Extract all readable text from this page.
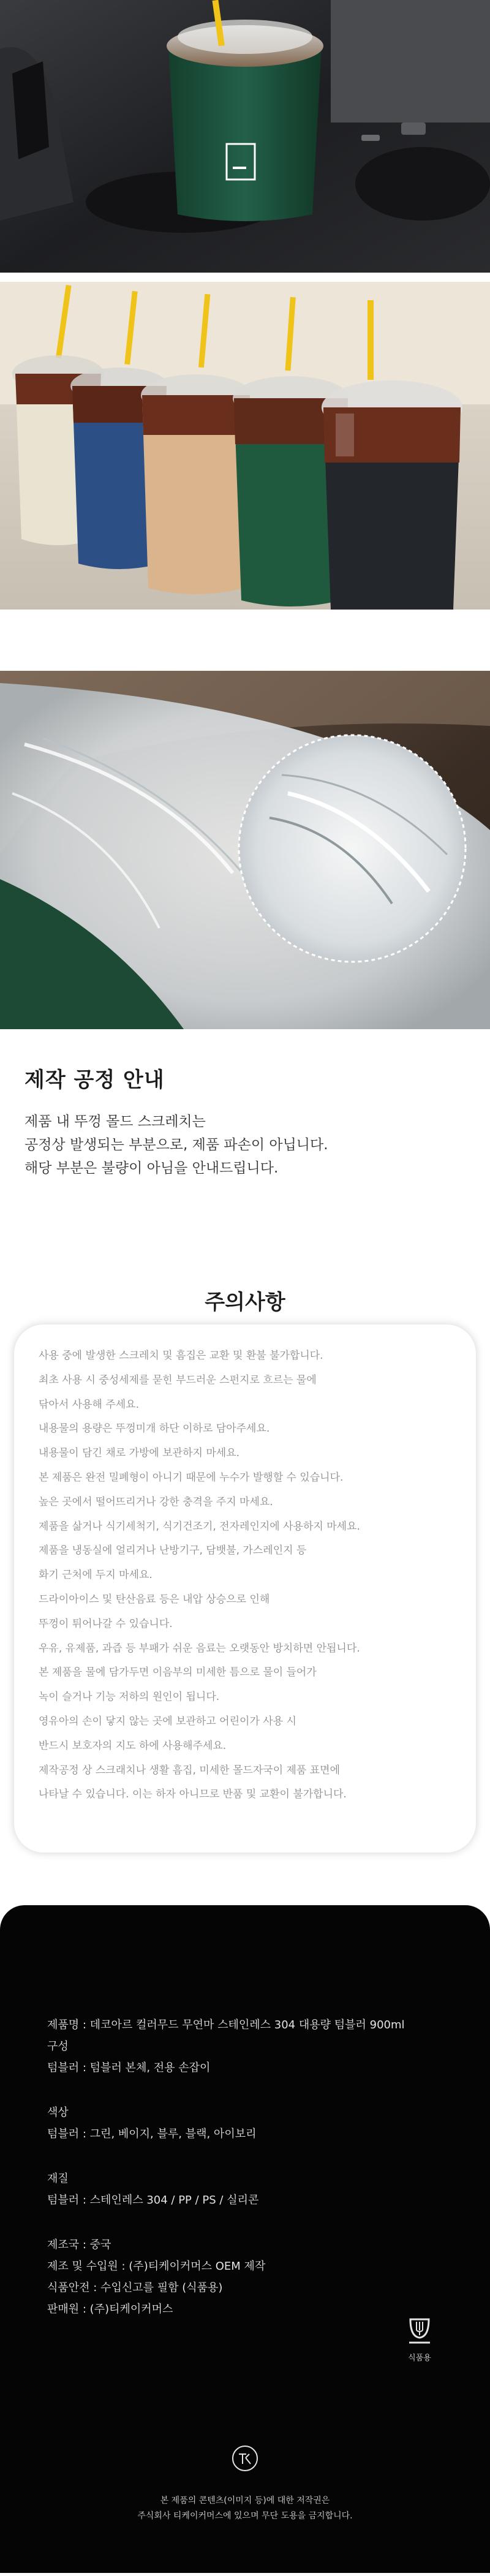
제작 공정 안내

제품 내 뚜껑 몰드 스크레치는

공정상 발생되는 부분으로, 제품 파손이 아닙니다.

해당 부분은 불량이 아님을 안내드립니다.

주의사항
사용 중에 발생한 스크레치 및 흠집은 교환 및 환불 불가합니다.
최초 사용 시 중성세제를 묻힌 부드러운 스펀지로 흐르는 물에
닦아서 사용해 주세요.
내용물의 용량은 뚜껑미개 하단 이하로 담아주세요.
내용물이 담긴 채로 가방에 보관하지 마세요.
본 제품은 완전 밀폐형이 아니기 때문에 누수가 발행할 수 있습니다.
높은 곳에서 떨어뜨리거나 강한 충격을 주지 마세요.
제품을 삶거나 식기세척기, 식기건조기, 전자레인지에 사용하지 마세요.
제품을 냉동실에 얼리거나 난방기구, 담뱃불, 가스레인지 등
화기 근처에 두지 마세요.
드라이아이스 및 탄산음료 등은 내압 상승으로 인해
뚜껑이 튀어나갈 수 있습니다.
우유, 유제품, 과즙 등 부패가 쉬운 음료는 오랫동안 방치하면 안됩니다.
본 제품을 물에 담가두면 이음부의 미세한 틈으로 물이 들어가
녹이 슬거나 기능 저하의 원인이 됩니다.
영유아의 손이 닿지 않는 곳에 보관하고 어린이가 사용 시
반드시 보호자의 지도 하에 사용해주세요.
제작공정 상 스크래치나 생활 흠집, 미세한 몰드자국이 제품 표면에
나타날 수 있습니다. 이는 하자 아니므로 반품 및 교환이 불가합니다.
제품명 : 데코아르 컬러무드 무연마 스테인레스 304 대용량 텀블러 900ml
구성
텀블러 : 텀블러 본체, 전용 손잡이
색상
텀블러 : 그린, 베이지, 블루, 블랙, 아이보리
재질
텀블러 : 스테인레스 304 / PP / PS / 실리콘
제조국 : 중국
제조 및 수입원 : (주)티케이커머스 OEM 제작
식품안전 : 수입신고를 필함 (식품용)
판매원 : (주)티케이커머스
식품용
본 제품의 콘텐츠(이미지 등)에 대한 저작권은
주식회사 티케이커머스에 있으며 무단 도용을 금지합니다.
